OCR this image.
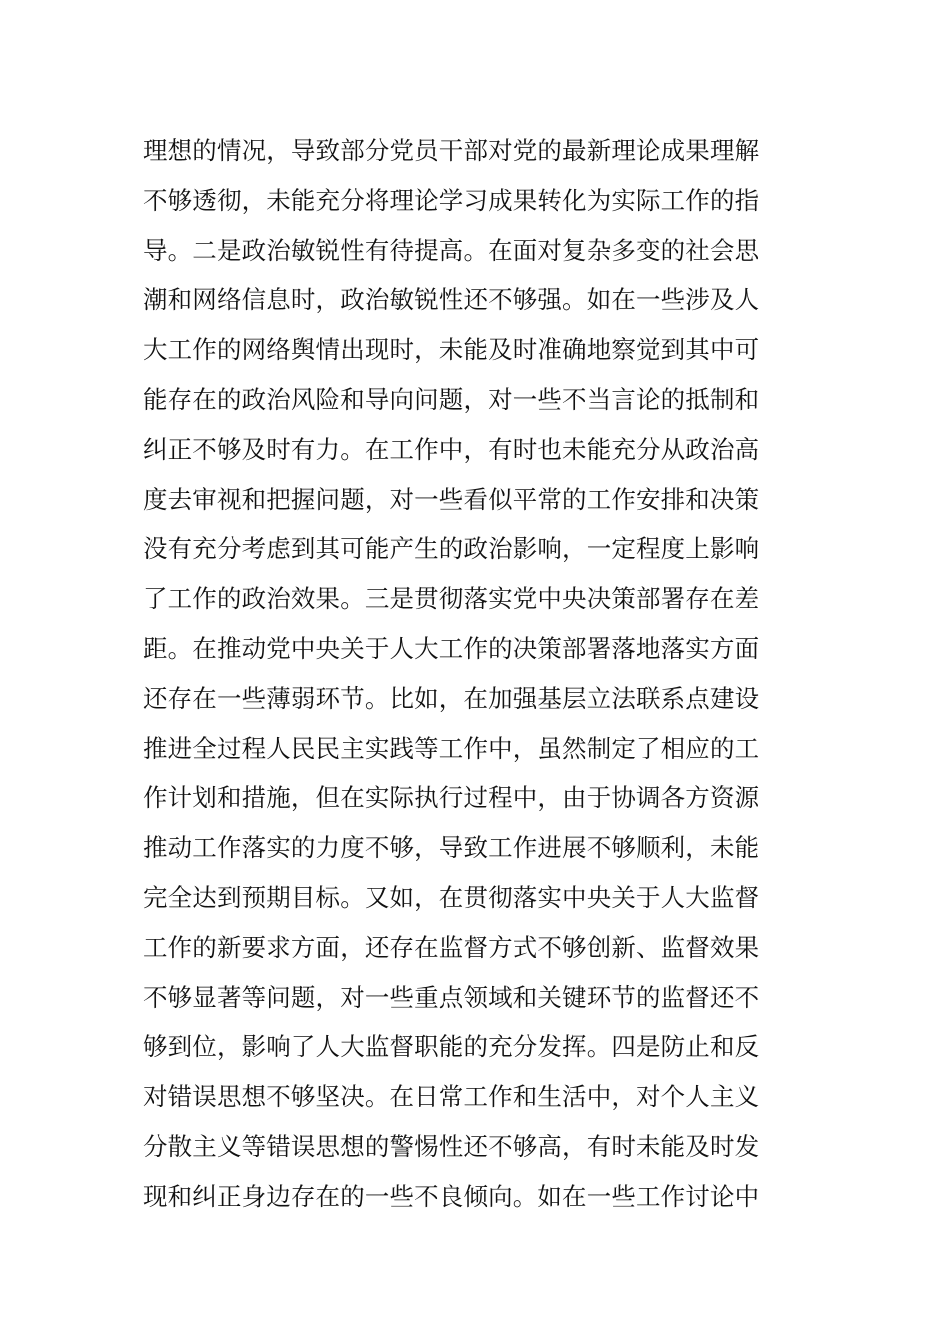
理想的情况，导致部分党员干部对党的最新理论成果理解
不够透彻，未能充分将理论学习成果转化为实际工作的指
导。二是政治敏锐性有待提高。在面对复杂多变的社会思
潮和网络信息时，政治敏锐性还不够强。如在一些涉及人
大工作的网络舆情出现时，未能及时准确地察觉到其中可
能存在的政治风险和导向问题，对一些不当言论的抵制和
纠正不够及时有力。在工作中，有时也未能充分从政治高
度去审视和把握问题，对一些看似平常的工作安排和决策
没有充分考虑到其可能产生的政治影响，一定程度上影响
了工作的政治效果。三是贯彻落实党中央决策部署存在差
距。在推动党中央关于人大工作的决策部署落地落实方面
还存在一些薄弱环节。比如，在加强基层立法联系点建设
推进全过程人民民主实践等工作中，虽然制定了相应的工
作计划和措施，但在实际执行过程中，由于协调各方资源
推动工作落实的力度不够，导致工作进展不够顺利，未能
完全达到预期目标。又如，在贯彻落实中央关于人大监督
工作的新要求方面，还存在监督方式不够创新、监督效果
不够显著等问题，对一些重点领域和关键环节的监督还不
够到位，影响了人大监督职能的充分发挥。四是防止和反
对错误思想不够坚决。在日常工作和生活中，对个人主义
分散主义等错误思想的警惕性还不够高，有时未能及时发
现和纠正身边存在的一些不良倾向。如在一些工作讨论中
